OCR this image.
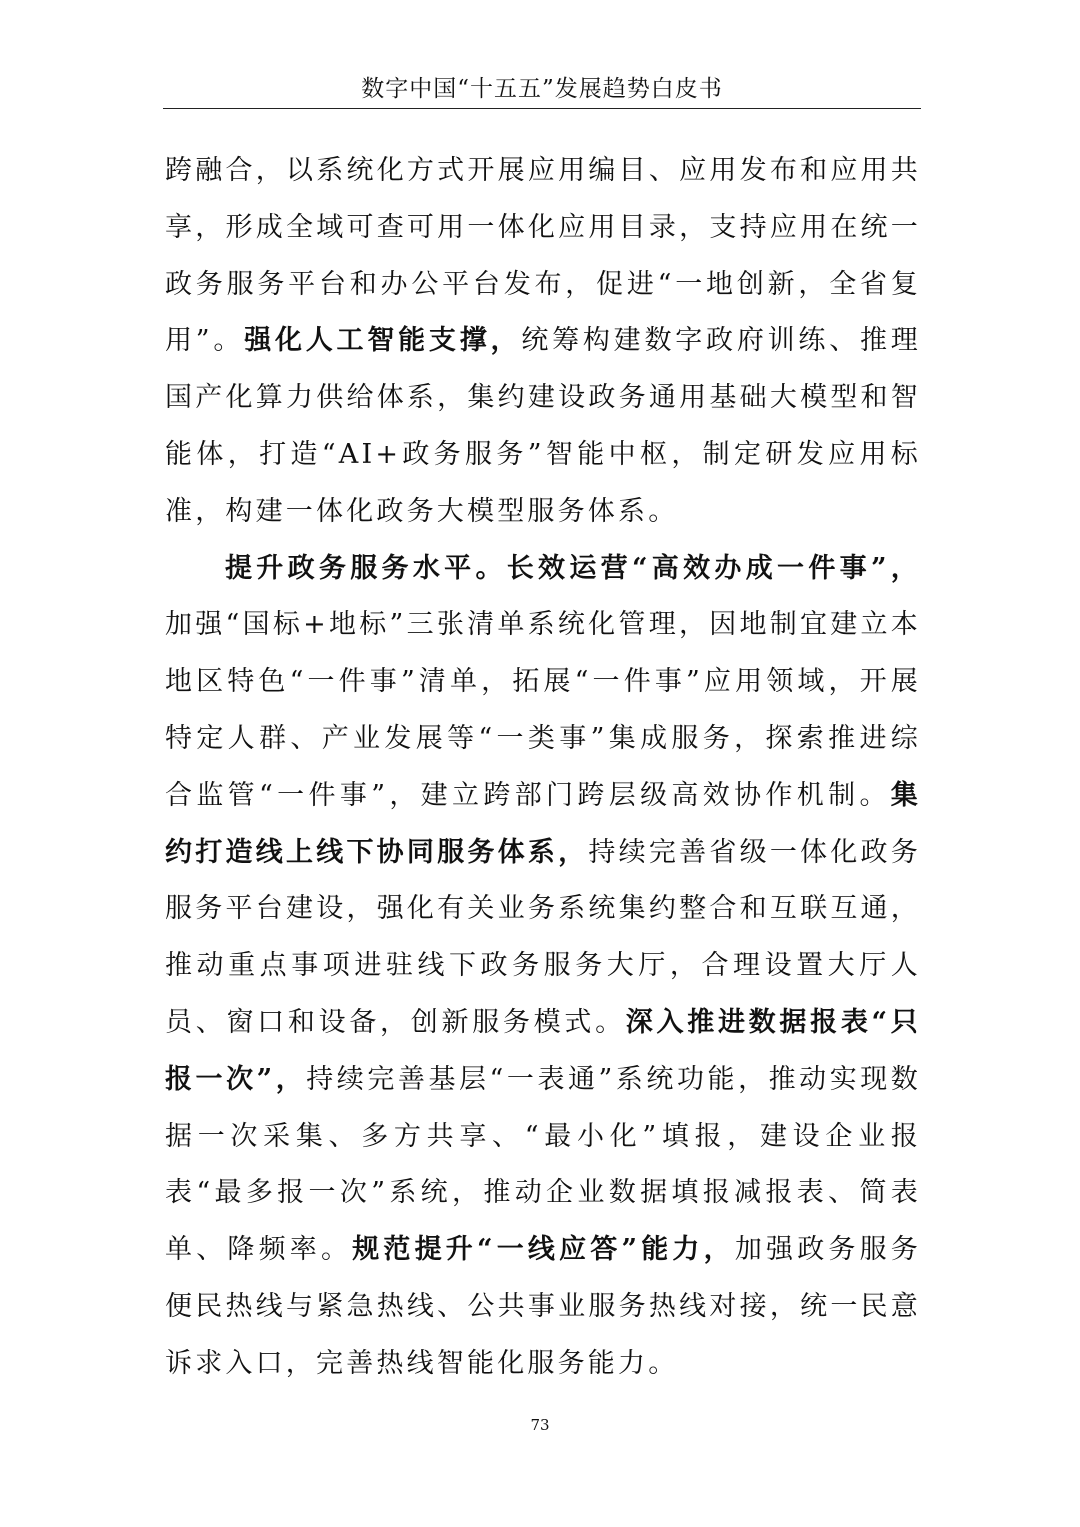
数字中国“十五五”发展趋势白皮书

跨融合，以系统化方式开展应用编目、应用发布和应用共享，形成全域可查可用一体化应用目录，支持应用在统一政务服务平台和办公平台发布，促进“一地创新，全省复用”。强化人工智能支撑，统筹构建数字政府训练、推理国产化算力供给体系，集约建设政务通用基础大模型和智能体，打造“AI+政务服务”智能中枢，制定研发应用标准，构建一体化政务大模型服务体系。

提升政务服务水平。长效运营“高效办成一件事”，加强“国标+地标”三张清单系统化管理，因地制宜建立本地区特色“一件事”清单，拓展“一件事”应用领域，开展特定人群、产业发展等“一类事”集成服务，探索推进综合监管“一件事”，建立跨部门跨层级高效协作机制。集约打造线上线下协同服务体系，持续完善省级一体化政务服务平台建设，强化有关业务系统集约整合和互联互通，推动重点事项进驻线下政务服务大厅，合理设置大厅人员、窗口和设备，创新服务模式。深入推进数据报表“只报一次”，持续完善基层“一表通”系统功能，推动实现数据一次采集、多方共享、“最小化”填报，建设企业报表“最多报一次”系统，推动企业数据填报减报表、简表单、降频率。规范提升“一线应答”能力，加强政务服务便民热线与紧急热线、公共事业服务热线对接，统一民意诉求入口，完善热线智能化服务能力。

73
